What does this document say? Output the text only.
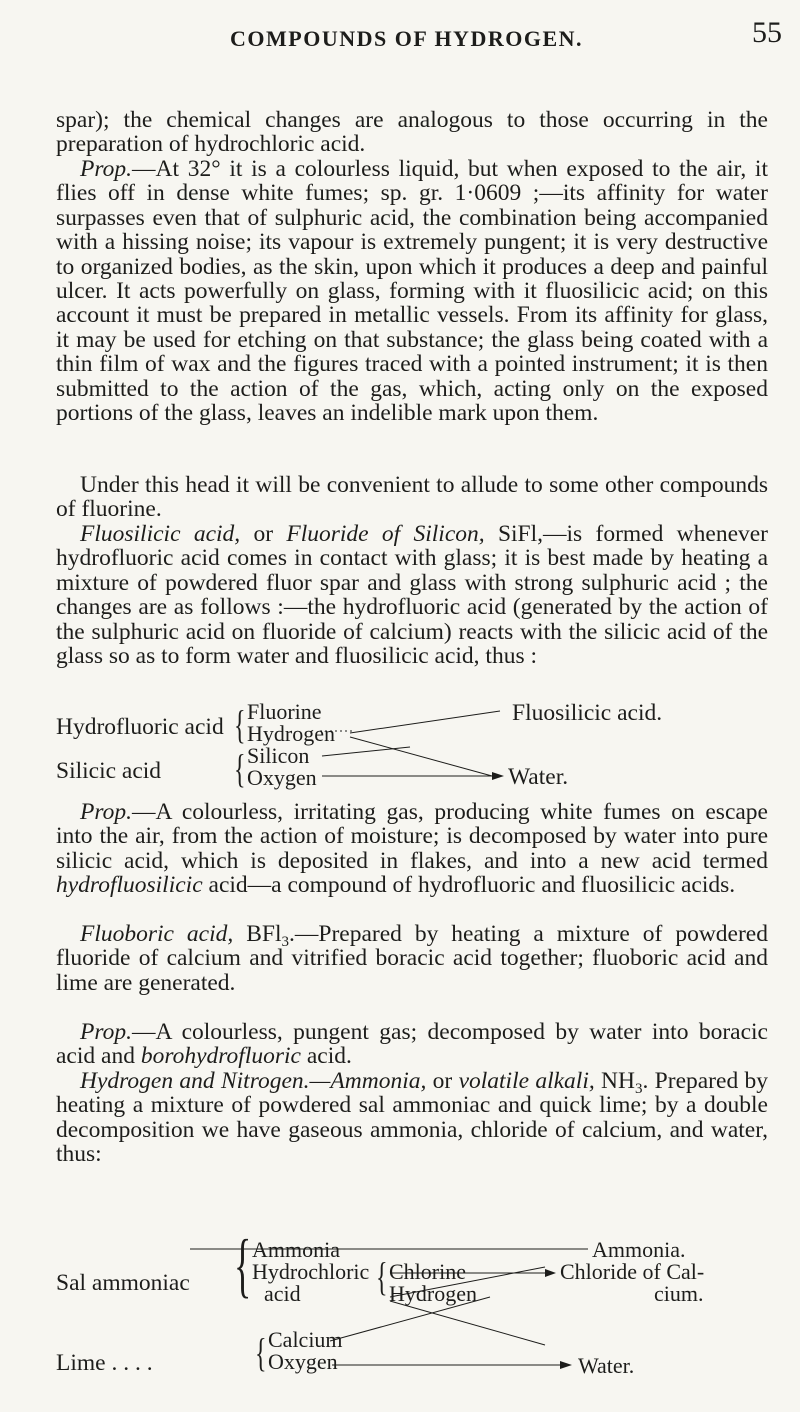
COMPOUNDS OF HYDROGEN.	55

spar); the chemical changes are analogous to those occurring in the preparation of hydrochloric acid.

Prop.—At 32° it is a colourless liquid, but when exposed to the air, it flies off in dense white fumes; sp. gr. 1·0609 ;—its affinity for water surpasses even that of sulphuric acid, the combination being accompanied with a hissing noise; its vapour is extremely pungent; it is very destructive to organized bodies, as the skin, upon which it produces a deep and painful ulcer. It acts powerfully on glass, forming with it fluosilicic acid; on this account it must be prepared in metallic vessels. From its affinity for glass, it may be used for etching on that substance; the glass being coated with a thin film of wax and the figures traced with a pointed instrument; it is then submitted to the action of the gas, which, acting only on the exposed portions of the glass, leaves an indelible mark upon them.

Under this head it will be convenient to allude to some other compounds of fluorine.

Fluosilicic acid, or Fluoride of Silicon, SiFl,—is formed whenever hydrofluoric acid comes in contact with glass; it is best made by heating a mixture of powdered fluor spar and glass with strong sulphuric acid ; the changes are as follows :—the hydrofluoric acid (generated by the action of the sulphuric acid on fluoride of calcium) reacts with the silicic acid of the glass so as to form water and fluosilicic acid, thus :

Hydrofluoric acid { Fluorine
Hydrogen
Silicic acid { Silicon
Oxygen
Fluosilicic acid.
Water.

Prop.—A colourless, irritating gas, producing white fumes on escape into the air, from the action of moisture; is decomposed by water into pure silicic acid, which is deposited in flakes, and into a new acid termed hydrofluosilicic acid—a compound of hydrofluoric and fluosilicic acids.

Fluoboric acid, BFl$_3$.—Prepared by heating a mixture of powdered fluoride of calcium and vitrified boracic acid together; fluoboric acid and lime are generated.

Prop.—A colourless, pungent gas; decomposed by water into boracic acid and borohydrofluoric acid.

Hydrogen and Nitrogen.—Ammonia, or volatile alkali, $NH_3$. Prepared by heating a mixture of powdered sal ammoniac and quick lime; by a double decomposition we have gaseous ammonia, chloride of calcium, and water, thus:

Sal ammoniac { Ammonia
Hydrochloric
acid { Chlorine
Hydrogen
Lime . . . .	{ Calcium
Oxygen
Ammonia.
Chloride of Cal-
cium.
Water.
